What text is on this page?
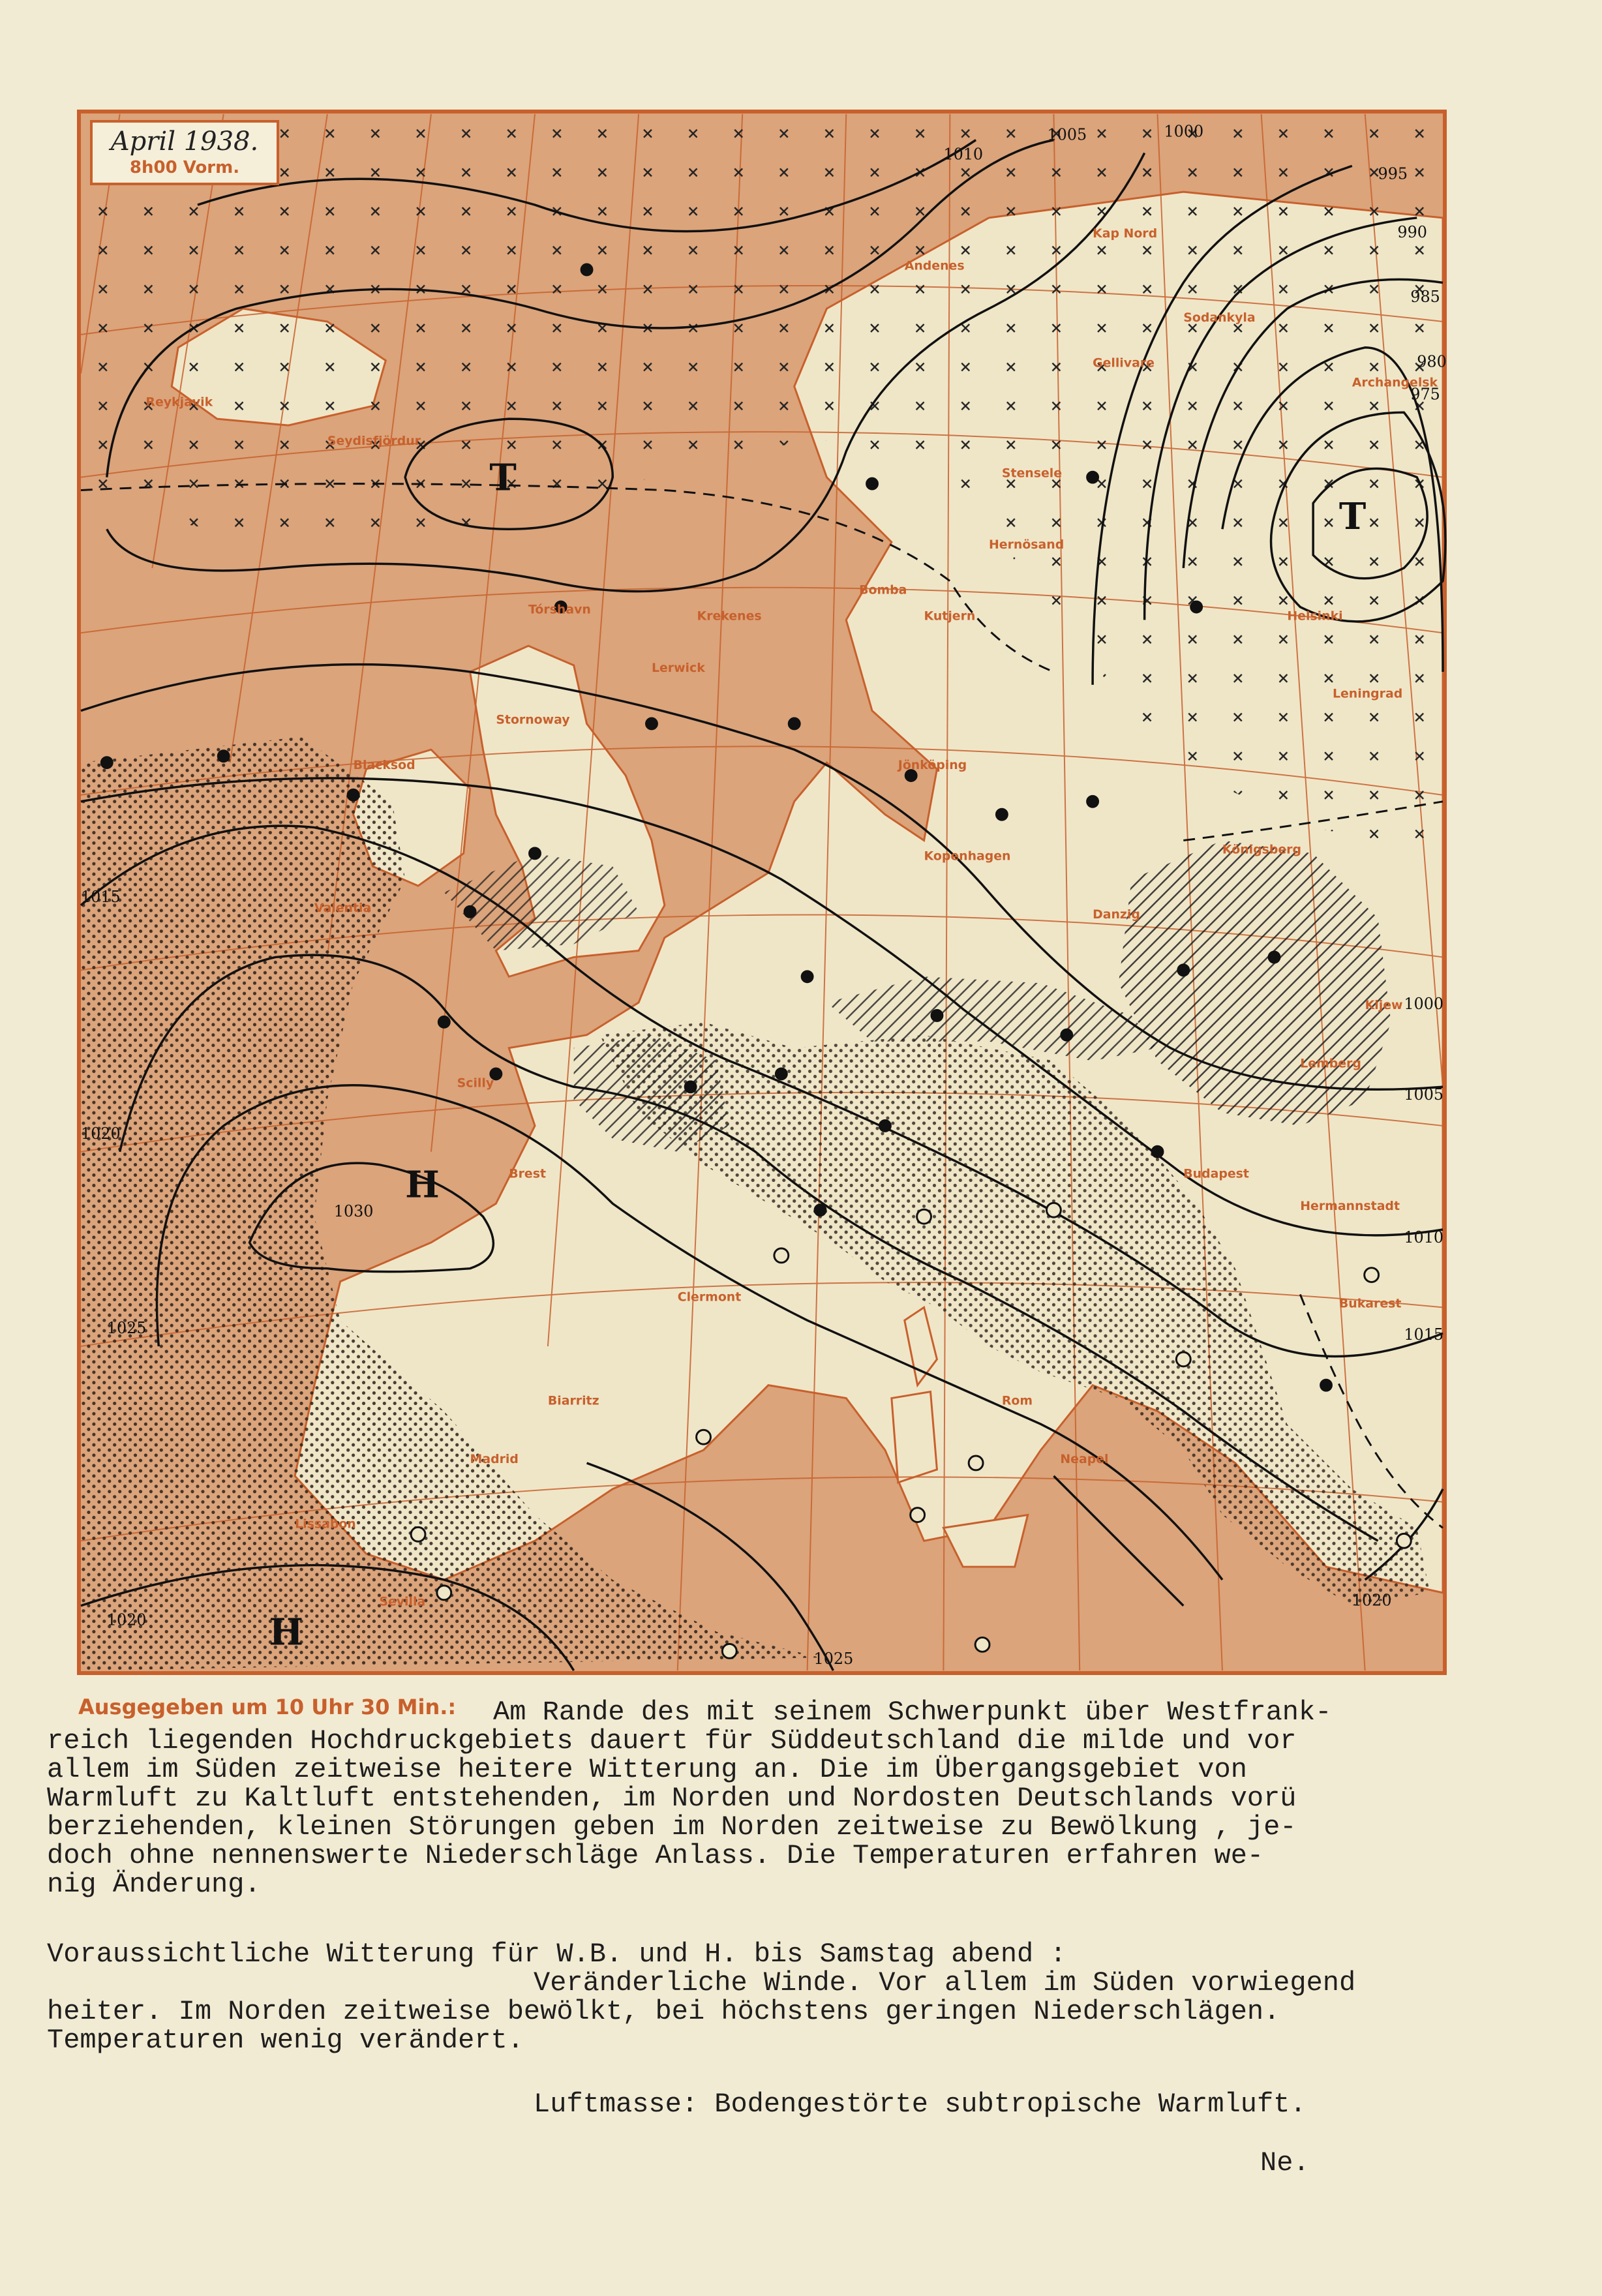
1010
1005	1000
995
990
985
980
975
1015
1020
1025
1030
1005
1000
1010
1015
1020
1025
1020
T
T
H
H
Kap Nord
Andenes
Gellivare
Sodankyla
Stensele
Hernösand
Kutjern
Bomba
Jönköping
Kopenhagen
Krekenes
Lerwick
Stornoway
Blacksod
Valentia
Scilly
Brest
Clermont
Biarritz
Madrid
Lissabon
Sevilla
Rom
Neapel
Bukarest
Hermannstadt
Budapest
Kijew
Lemberg
Danzig
Königsberg
Helsinki
Archangelsk
Leningrad
Tórshavn
Reykjavik
Seydisfjördur
April 1938.
8h00 Vorm.
Ausgegeben um 10 Uhr 30 Min.: Am Rande des mit seinem Schwerpunkt über Westfrank-
reich liegenden Hochdruckgebiets dauert für Süddeutschland die milde und vor
allem im Süden zeitweise heitere Witterung an. Die im Übergangsgebiet von
Warmluft zu Kaltluft entstehenden, im Norden und Nordosten Deutschlands vorü
berziehenden, kleinen Störungen geben im Norden zeitweise zu Bewölkung , je-
doch ohne nennenswerte Niederschläge Anlass. Die Temperaturen erfahren we-
nig Änderung.
Voraussichtliche Witterung für W.B. und H. bis Samstag abend :
Veränderliche Winde. Vor allem im Süden vorwiegend
heiter. Im Norden zeitweise bewölkt, bei höchstens geringen Niederschlägen.
Temperaturen wenig verändert.
Luftmasse: Bodengestörte subtropische Warmluft.
Ne.
